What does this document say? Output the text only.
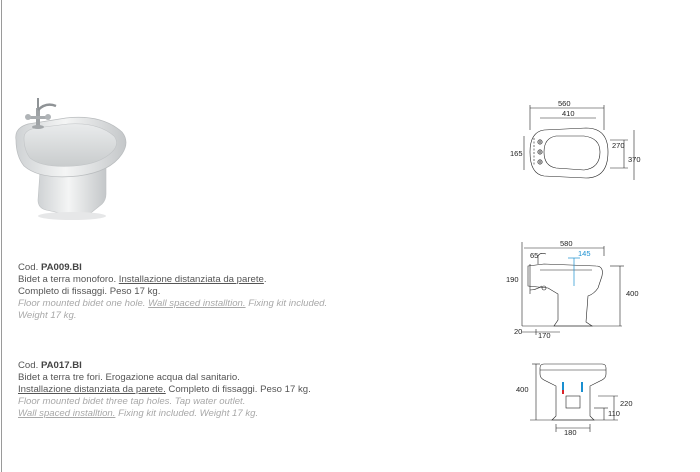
Cod. PA009.BI
Bidet a terra monoforo. Installazione distanziata da parete.
Completo di fissaggi. Peso 17 kg.
Floor mounted bidet one hole. Wall spaced installtion. Fixing kit included.
Weight 17 kg.
Cod. PA017.BI
Bidet a terra tre fori. Erogazione acqua dal sanitario.
Installazione distanziata da parete. Completo di fissaggi. Peso 17 kg.
Floor mounted bidet three tap holes. Tap water outlet.
Wall spaced installtion. Fixing kit included. Weight 17 kg.
560
410
270
370
165
580
145
65
190
400
20 170
400
220
110
180
